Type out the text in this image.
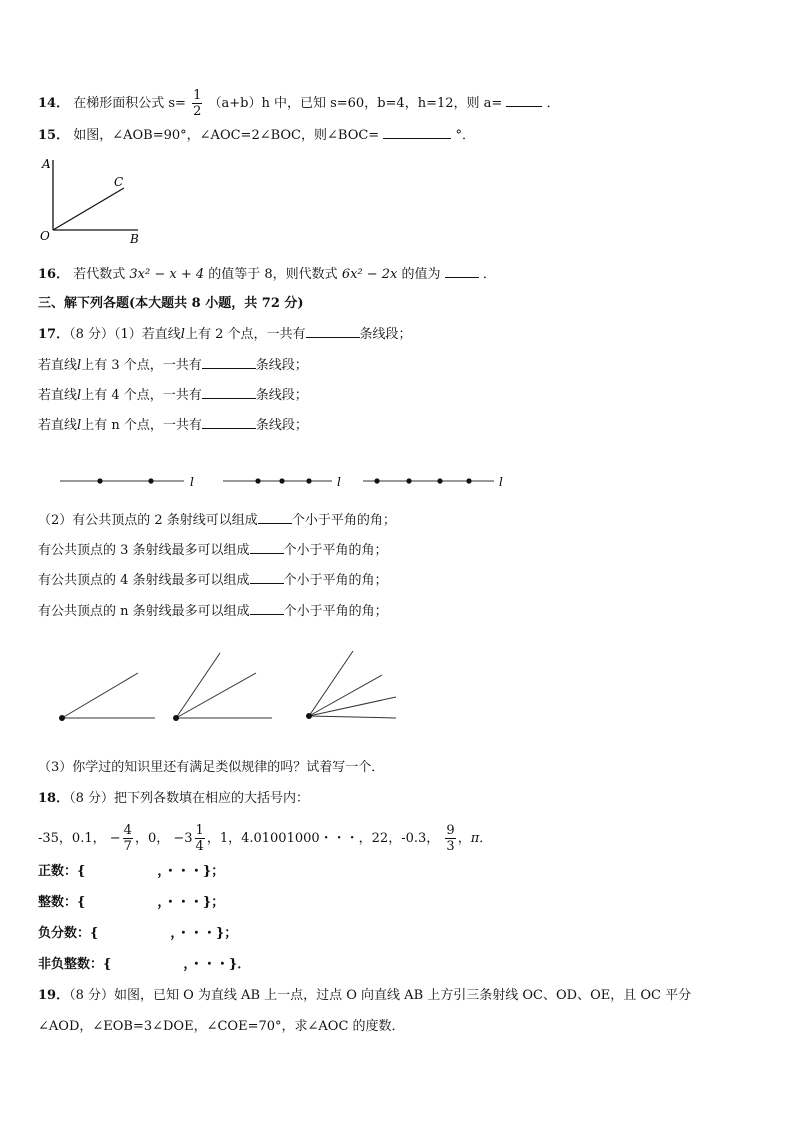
14． 在梯形面积公式 $s= \frac{1}{2} (a+b)h$ 中，已知 s=60，b=4，h=12，则 a=	．
15． 如图，∠AOB=90°，∠AOC=2∠BOC，则∠BOC=	°．
A
C
O	B
16． 若代数式 3x² − x + 4 的值等于 8，则代数式 6x² − 2x 的值为	．
三、解下列各题(本大题共 8 小题，共 72 分)
17．（8 分）（1）若直线l上有 2 个点，一共有	条线段；
若直线l上有 3 个点，一共有	条线段；
若直线l上有 4 个点，一共有	条线段；
若直线l上有 n 个点，一共有	条线段；
l	l	l
（2）有公共顶点的 2 条射线可以组成	个小于平角的角；
有公共顶点的 3 条射线最多可以组成	个小于平角的角；
有公共顶点的 4 条射线最多可以组成	个小于平角的角；
有公共顶点的 n 条射线最多可以组成	个小于平角的角；
（3）你学过的知识里还有满足类似规律的吗？试着写一个．
18．（8 分）把下列各数填在相应的大括号内：
-35，0.1， − $\frac{4}{7}$ ，0， $-3 \frac{1}{4}$ ，1，4.01001000・・・，22，-0.3， $\frac{9}{3}$ ，π．
正数：{	，・・・}；
整数：{	，・・・}；
负分数：{	，・・・}；
非负整数：{	，・・・}．
19．（8 分）如图，已知 O 为直线 AB 上一点，过点 O 向直线 AB 上方引三条射线 OC、OD、OE，且 OC 平分
∠AOD，∠EOB=3∠DOE，∠COE=70°，求∠AOC 的度数．
